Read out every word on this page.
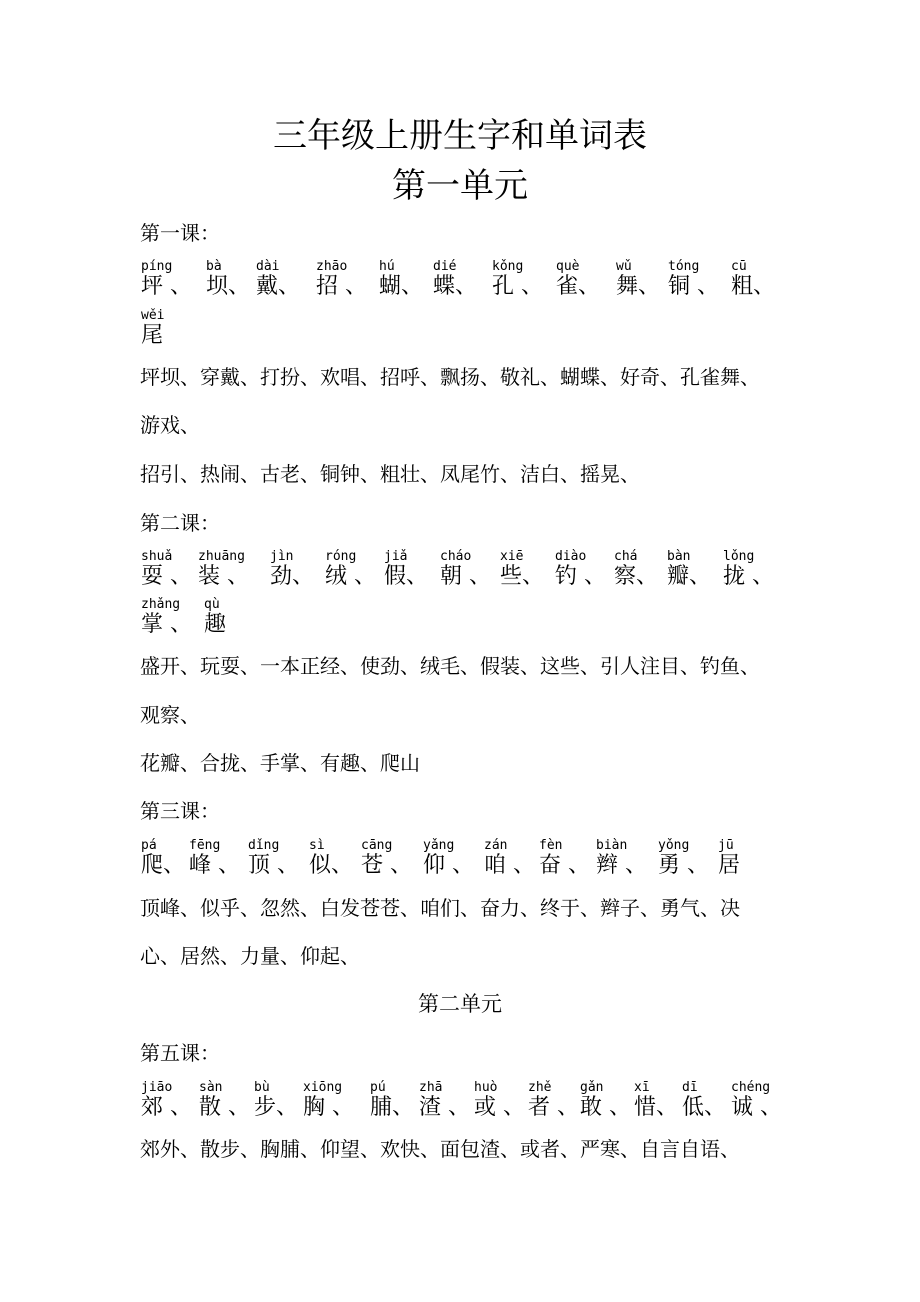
三年级上册生字和单词表
第一单元
第一课：
píng
坪 、
bà
坝、
dài
戴、
zhāo
招 、
hú
蝴、
dié
蝶、
kǒng
孔 、
què
雀、
wǔ
舞、
tóng
铜 、
cū
粗、
wěi
尾
坪坝、穿戴、打扮、欢唱、招呼、飘扬、敬礼、蝴蝶、好奇、孔雀舞、
游戏、
招引、热闹、古老、铜钟、粗壮、凤尾竹、洁白、摇晃、
第二课：
shuǎ
耍 、
zhuāng
装 、
jìn
劲、
róng
绒 、
jiǎ
假、
cháo
朝 、
xiē
些、
diào
钓 、
chá
察、
bàn
瓣、
lǒng
拢 、
zhǎng
掌 、
qù
趣
盛开、玩耍、一本正经、使劲、绒毛、假装、这些、引人注目、钓鱼、
观察、
花瓣、合拢、手掌、有趣、爬山
第三课：
pá
爬、
fēng
峰 、
dǐng
顶 、
sì
似、
cāng
苍 、
yǎng
仰 、
zán
咱 、
fèn
奋 、
biàn
辫 、
yǒng
勇 、
jū
居
顶峰、似乎、忽然、白发苍苍、咱们、奋力、终于、辫子、勇气、决
心、居然、力量、仰起、
第二单元
第五课：
jiāo
郊 、
sàn
散 、
bù
步、
xiōng
胸 、
pú
脯、
zhā
渣 、
huò
或 、
zhě
者 、
gǎn
敢 、
xī
惜、
dī
低、
chéng
诚 、
郊外、散步、胸脯、仰望、欢快、面包渣、或者、严寒、自言自语、
